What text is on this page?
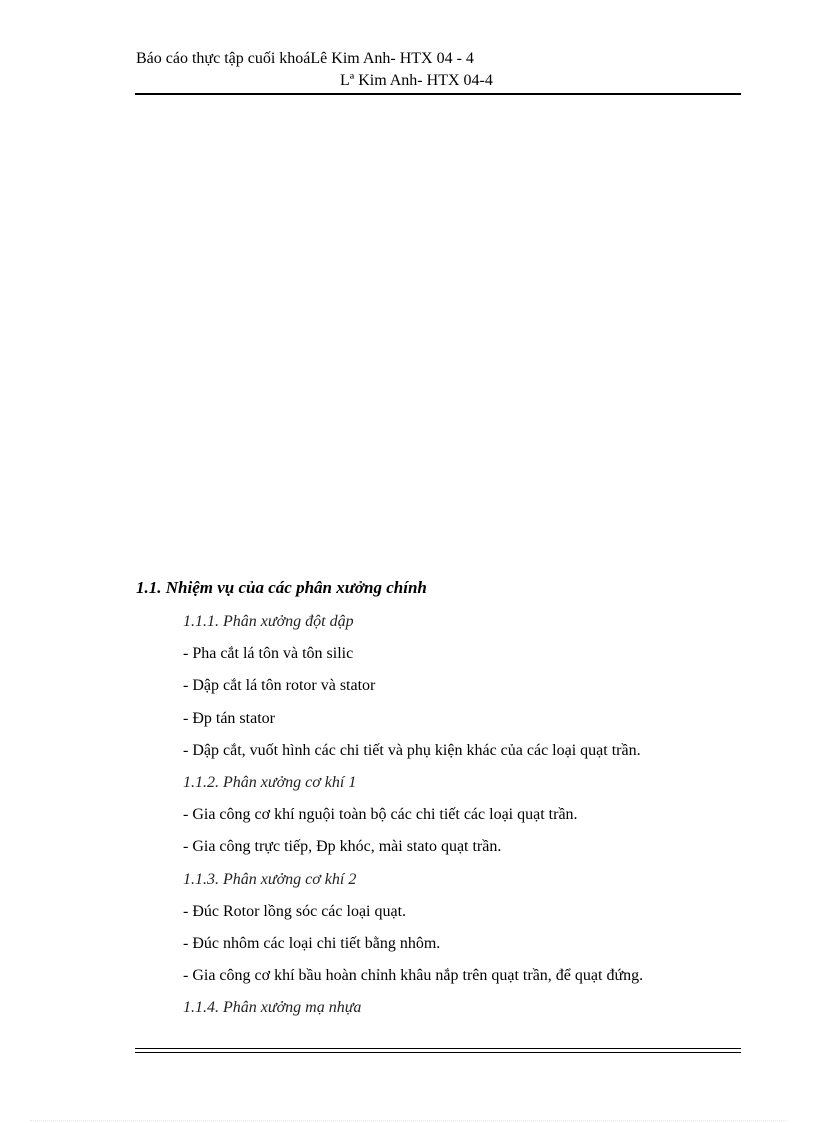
Báo cáo thực tập cuối khoáLê Kim Anh- HTX 04 - 4
Lª Kim Anh- HTX 04-4
1.1. Nhiệm vụ của các phân xưởng chính
1.1.1. Phân xưởng đột dập
- Pha cắt lá tôn và tôn silic
- Dập cắt lá tôn rotor và stator
- Đp tán stator
- Dập cắt, vuốt hình các chi tiết và phụ kiện khác của các loại quạt trần.
1.1.2. Phân xưởng cơ khí 1
- Gia công cơ khí nguội toàn bộ các chi tiết các loại quạt trần.
- Gia công trực tiếp, Đp khóc, mài stato quạt trần.
1.1.3. Phân xưởng cơ khí 2
- Đúc Rotor lồng sóc các loại quạt.
- Đúc nhôm các loại chi tiết bằng nhôm.
- Gia công cơ khí bầu hoàn chỉnh khâu nắp trên quạt trần, để quạt đứng.
1.1.4. Phân xưởng mạ nhựa
